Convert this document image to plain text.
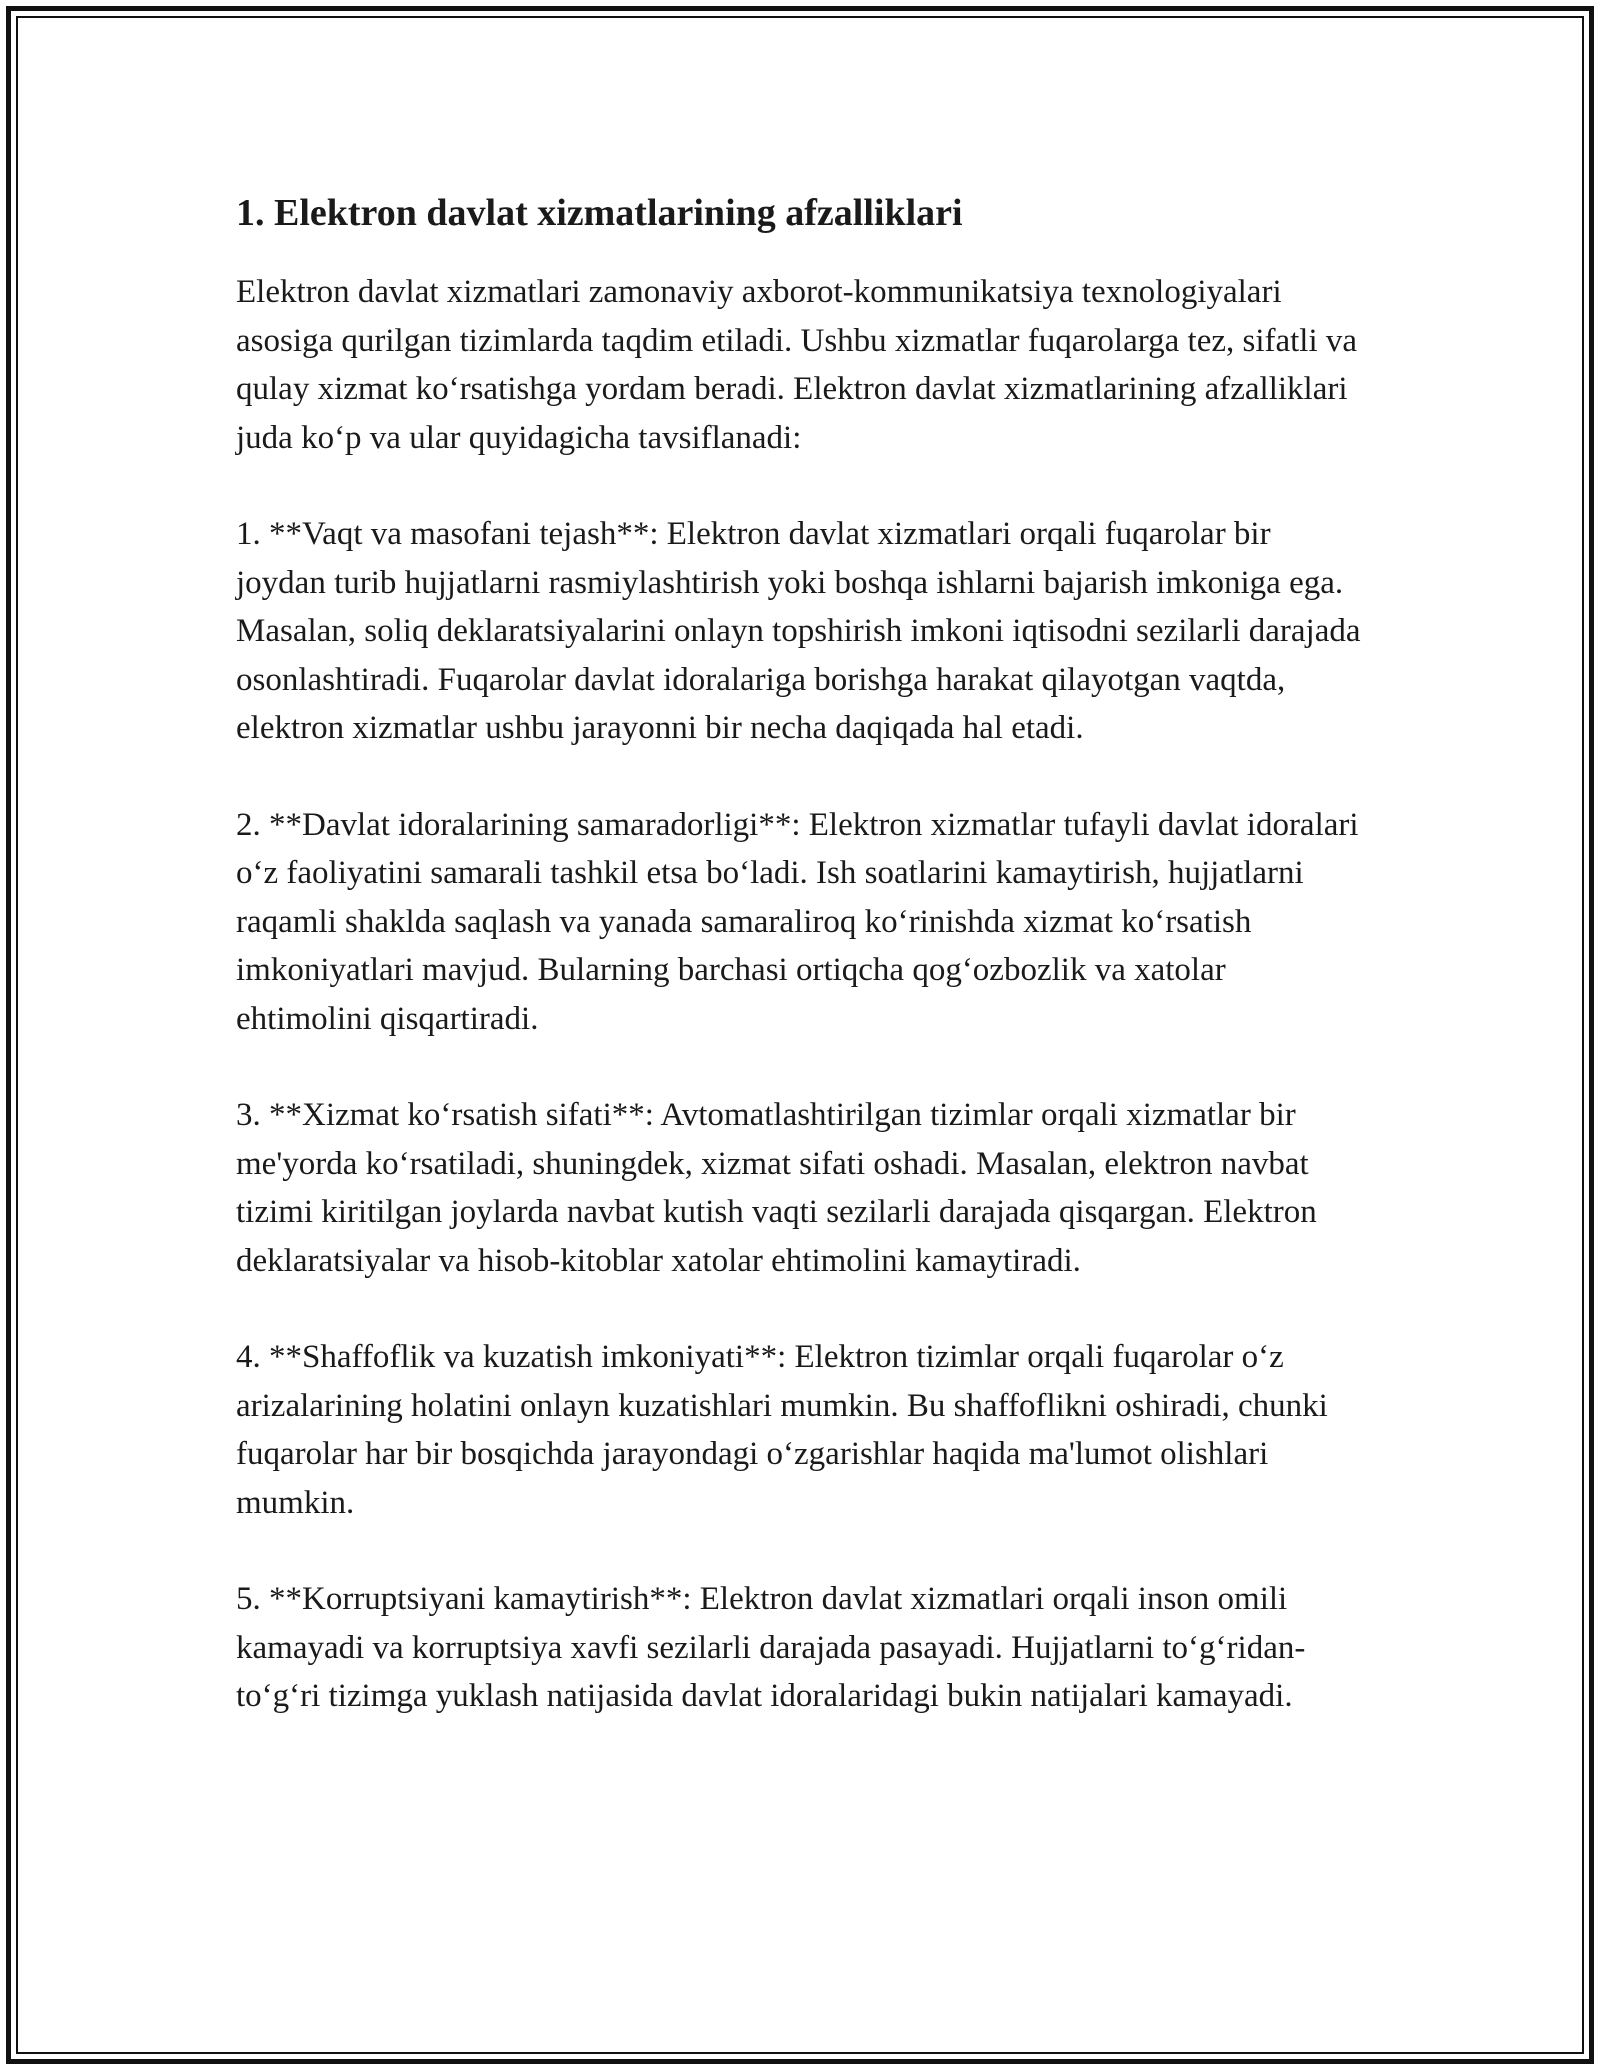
1. Elektron davlat xizmatlarining afzalliklari

Elektron davlat xizmatlari zamonaviy axborot-kommunikatsiya texnologiyalari asosiga qurilgan tizimlarda taqdim etiladi. Ushbu xizmatlar fuqarolarga tez, sifatli va qulay xizmat ko‘rsatishga yordam beradi. Elektron davlat xizmatlarining afzalliklari juda ko‘p va ular quyidagicha tavsiflanadi:

1. **Vaqt va masofani tejash**: Elektron davlat xizmatlari orqali fuqarolar bir joydan turib hujjatlarni rasmiylashtirish yoki boshqa ishlarni bajarish imkoniga ega. Masalan, soliq deklaratsiyalarini onlayn topshirish imkoni iqtisodni sezilarli darajada osonlashtiradi. Fuqarolar davlat idoralariga borishga harakat qilayotgan vaqtda, elektron xizmatlar ushbu jarayonni bir necha daqiqada hal etadi.

2. **Davlat idoralarining samaradorligi**: Elektron xizmatlar tufayli davlat idoralari o‘z faoliyatini samarali tashkil etsa bo‘ladi. Ish soatlarini kamaytirish, hujjatlarni raqamli shaklda saqlash va yanada samaraliroq ko‘rinishda xizmat ko‘rsatish imkoniyatlari mavjud. Bularning barchasi ortiqcha qog‘ozbozlik va xatolar ehtimolini qisqartiradi.

3. **Xizmat ko‘rsatish sifati**: Avtomatlashtirilgan tizimlar orqali xizmatlar bir me'yorda ko‘rsatiladi, shuningdek, xizmat sifati oshadi. Masalan, elektron navbat tizimi kiritilgan joylarda navbat kutish vaqti sezilarli darajada qisqargan. Elektron deklaratsiyalar va hisob-kitoblar xatolar ehtimolini kamaytiradi.

4. **Shaffoflik va kuzatish imkoniyati**: Elektron tizimlar orqali fuqarolar o‘z arizalarining holatini onlayn kuzatishlari mumkin. Bu shaffoflikni oshiradi, chunki fuqarolar har bir bosqichda jarayondagi o‘zgarishlar haqida ma'lumot olishlari mumkin.

5. **Korruptsiyani kamaytirish**: Elektron davlat xizmatlari orqali inson omili kamayadi va korruptsiya xavfi sezilarli darajada pasayadi. Hujjatlarni to‘g‘ridan-to‘g‘ri tizimga yuklash natijasida davlat idoralaridagi bukin natijalari kamayadi.
